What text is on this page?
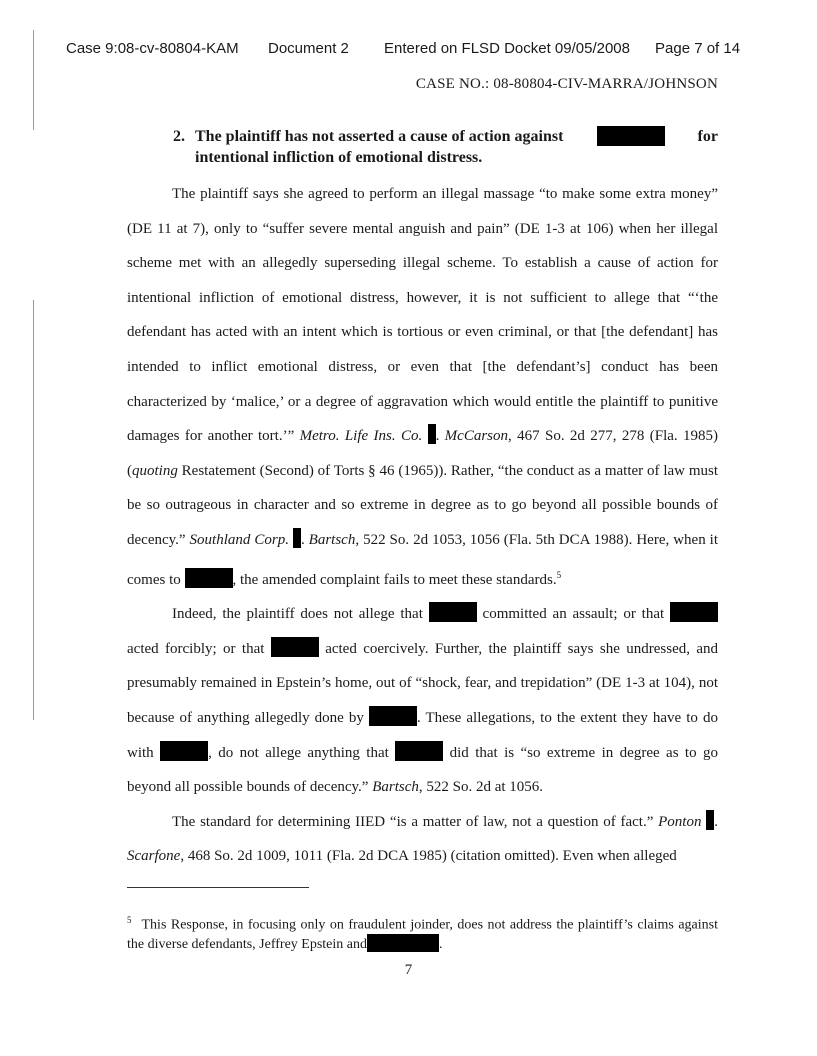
Case 9:08-cv-80804-KAM Document 2 Entered on FLSD Docket 09/05/2008 Page 7 of 14
CASE NO.: 08-80804-CIV-MARRA/JOHNSON
2. The plaintiff has not asserted a cause of action against	for
intentional infliction of emotional distress.

The plaintiff says she agreed to perform an illegal massage “to make some extra money” (DE 11 at 7), only to “suffer severe mental anguish and pain” (DE 1-3 at 106) when her illegal scheme met with an allegedly superseding illegal scheme. To establish a cause of action for intentional infliction of emotional distress, however, it is not sufficient to allege that “‘the defendant has acted with an intent which is tortious or even criminal, or that [the defendant] has intended to inflict emotional distress, or even that [the defendant’s] conduct has been characterized by ‘malice,’ or a degree of aggravation which would entitle the plaintiff to punitive damages for another tort.’” Metro. Life Ins. Co. . McCarson, 467 So. 2d 277, 278 (Fla. 1985) (quoting Restatement (Second) of Torts § 46 (1965)). Rather, “the conduct as a matter of law must be so outrageous in character and so extreme in degree as to go beyond all possible bounds of decency.” Southland Corp. . Bartsch, 522 So. 2d 1053, 1056 (Fla. 5th DCA 1988). Here, when it comes to	, the amended complaint fails to meet these standards.$^5$

Indeed, the plaintiff does not allege that	committed an assault; or that  acted forcibly; or that	acted coercively. Further, the plaintiff says she undressed, and presumably remained in Epstein’s home, out of “shock, fear, and trepidation” (DE 1-3 at 104), not because of anything allegedly done by	. These allegations, to the extent they have to do with	, do not allege anything that	did that is “so extreme in degree as to go beyond all possible bounds of decency.” Bartsch, 522 So. 2d at 1056.

The standard for determining IIED “is a matter of law, not a question of fact.” Ponton . Scarfone, 468 So. 2d 1009, 1011 (Fla. 2d DCA 1985) (citation omitted). Even when alleged

$^5$ This Response, in focusing only on fraudulent joinder, does not address the plaintiff’s claims against the diverse defendants, Jeffrey Epstein and	.
7
